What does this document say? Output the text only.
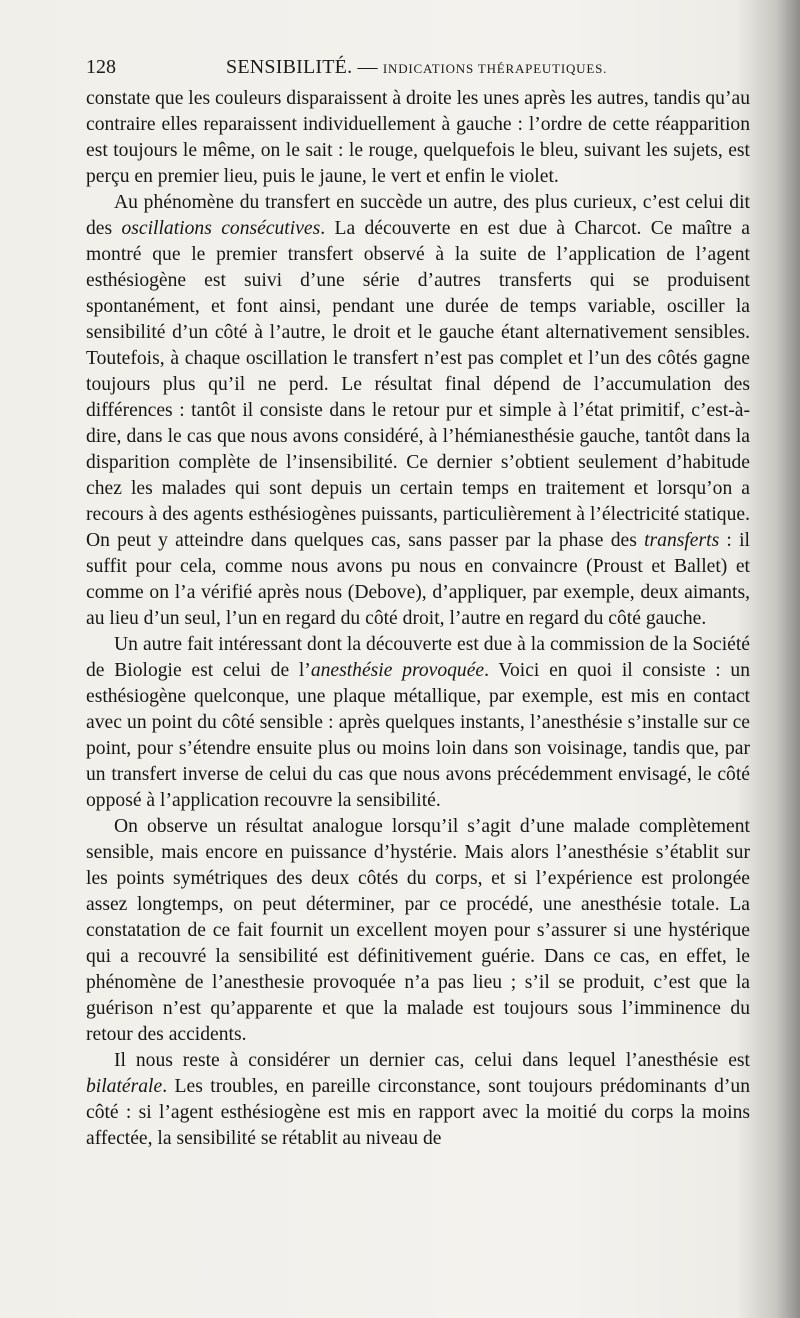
128	SENSIBILITÉ. — INDICATIONS THÉRAPEUTIQUES.

constate que les couleurs disparaissent à droite les unes après les autres, tandis qu’au contraire elles reparaissent individuellement à gauche : l’ordre de cette réapparition est toujours le même, on le sait : le rouge, quelquefois le bleu, suivant les sujets, est perçu en premier lieu, puis le jaune, le vert et enfin le violet.

Au phénomène du transfert en succède un autre, des plus curieux, c’est celui dit des oscillations consécutives. La découverte en est due à Charcot. Ce maître a montré que le premier transfert observé à la suite de l’application de l’agent esthésiogène est suivi d’une série d’autres transferts qui se produisent spontanément, et font ainsi, pendant une durée de temps variable, osciller la sensibilité d’un côté à l’autre, le droit et le gauche étant alternativement sensibles. Toutefois, à chaque oscillation le transfert n’est pas complet et l’un des côtés gagne toujours plus qu’il ne perd. Le résultat final dépend de l’accumulation des différences : tantôt il consiste dans le retour pur et simple à l’état primitif, c’est-à-dire, dans le cas que nous avons considéré, à l’hémianesthésie gauche, tantôt dans la disparition complète de l’insensibilité. Ce dernier s’obtient seulement d’habitude chez les malades qui sont depuis un certain temps en traitement et lorsqu’on a recours à des agents esthésiogènes puissants, particulièrement à l’électricité statique. On peut y atteindre dans quelques cas, sans passer par la phase des transferts : il suffit pour cela, comme nous avons pu nous en convaincre (Proust et Ballet) et comme on l’a vérifié après nous (Debove), d’appliquer, par exemple, deux aimants, au lieu d’un seul, l’un en regard du côté droit, l’autre en regard du côté gauche.

Un autre fait intéressant dont la découverte est due à la commission de la Société de Biologie est celui de l’anesthésie provoquée. Voici en quoi il consiste : un esthésiogène quelconque, une plaque métallique, par exemple, est mis en contact avec un point du côté sensible : après quelques instants, l’anesthésie s’installe sur ce point, pour s’étendre ensuite plus ou moins loin dans son voisinage, tandis que, par un transfert inverse de celui du cas que nous avons précédemment envisagé, le côté opposé à l’application recouvre la sensibilité.

On observe un résultat analogue lorsqu’il s’agit d’une malade complètement sensible, mais encore en puissance d’hystérie. Mais alors l’anesthésie s’établit sur les points symétriques des deux côtés du corps, et si l’expérience est prolongée assez longtemps, on peut déterminer, par ce procédé, une anesthésie totale. La constatation de ce fait fournit un excellent moyen pour s’assurer si une hystérique qui a recouvré la sensibilité est définitivement guérie. Dans ce cas, en effet, le phénomène de l’anesthesie provoquée n’a pas lieu ; s’il se produit, c’est que la guérison n’est qu’apparente et que la malade est toujours sous l’imminence du retour des accidents.

Il nous reste à considérer un dernier cas, celui dans lequel l’anesthésie est bilatérale. Les troubles, en pareille circonstance, sont toujours prédominants d’un côté : si l’agent esthésiogène est mis en rapport avec la moitié du corps la moins affectée, la sensibilité se rétablit au niveau de
